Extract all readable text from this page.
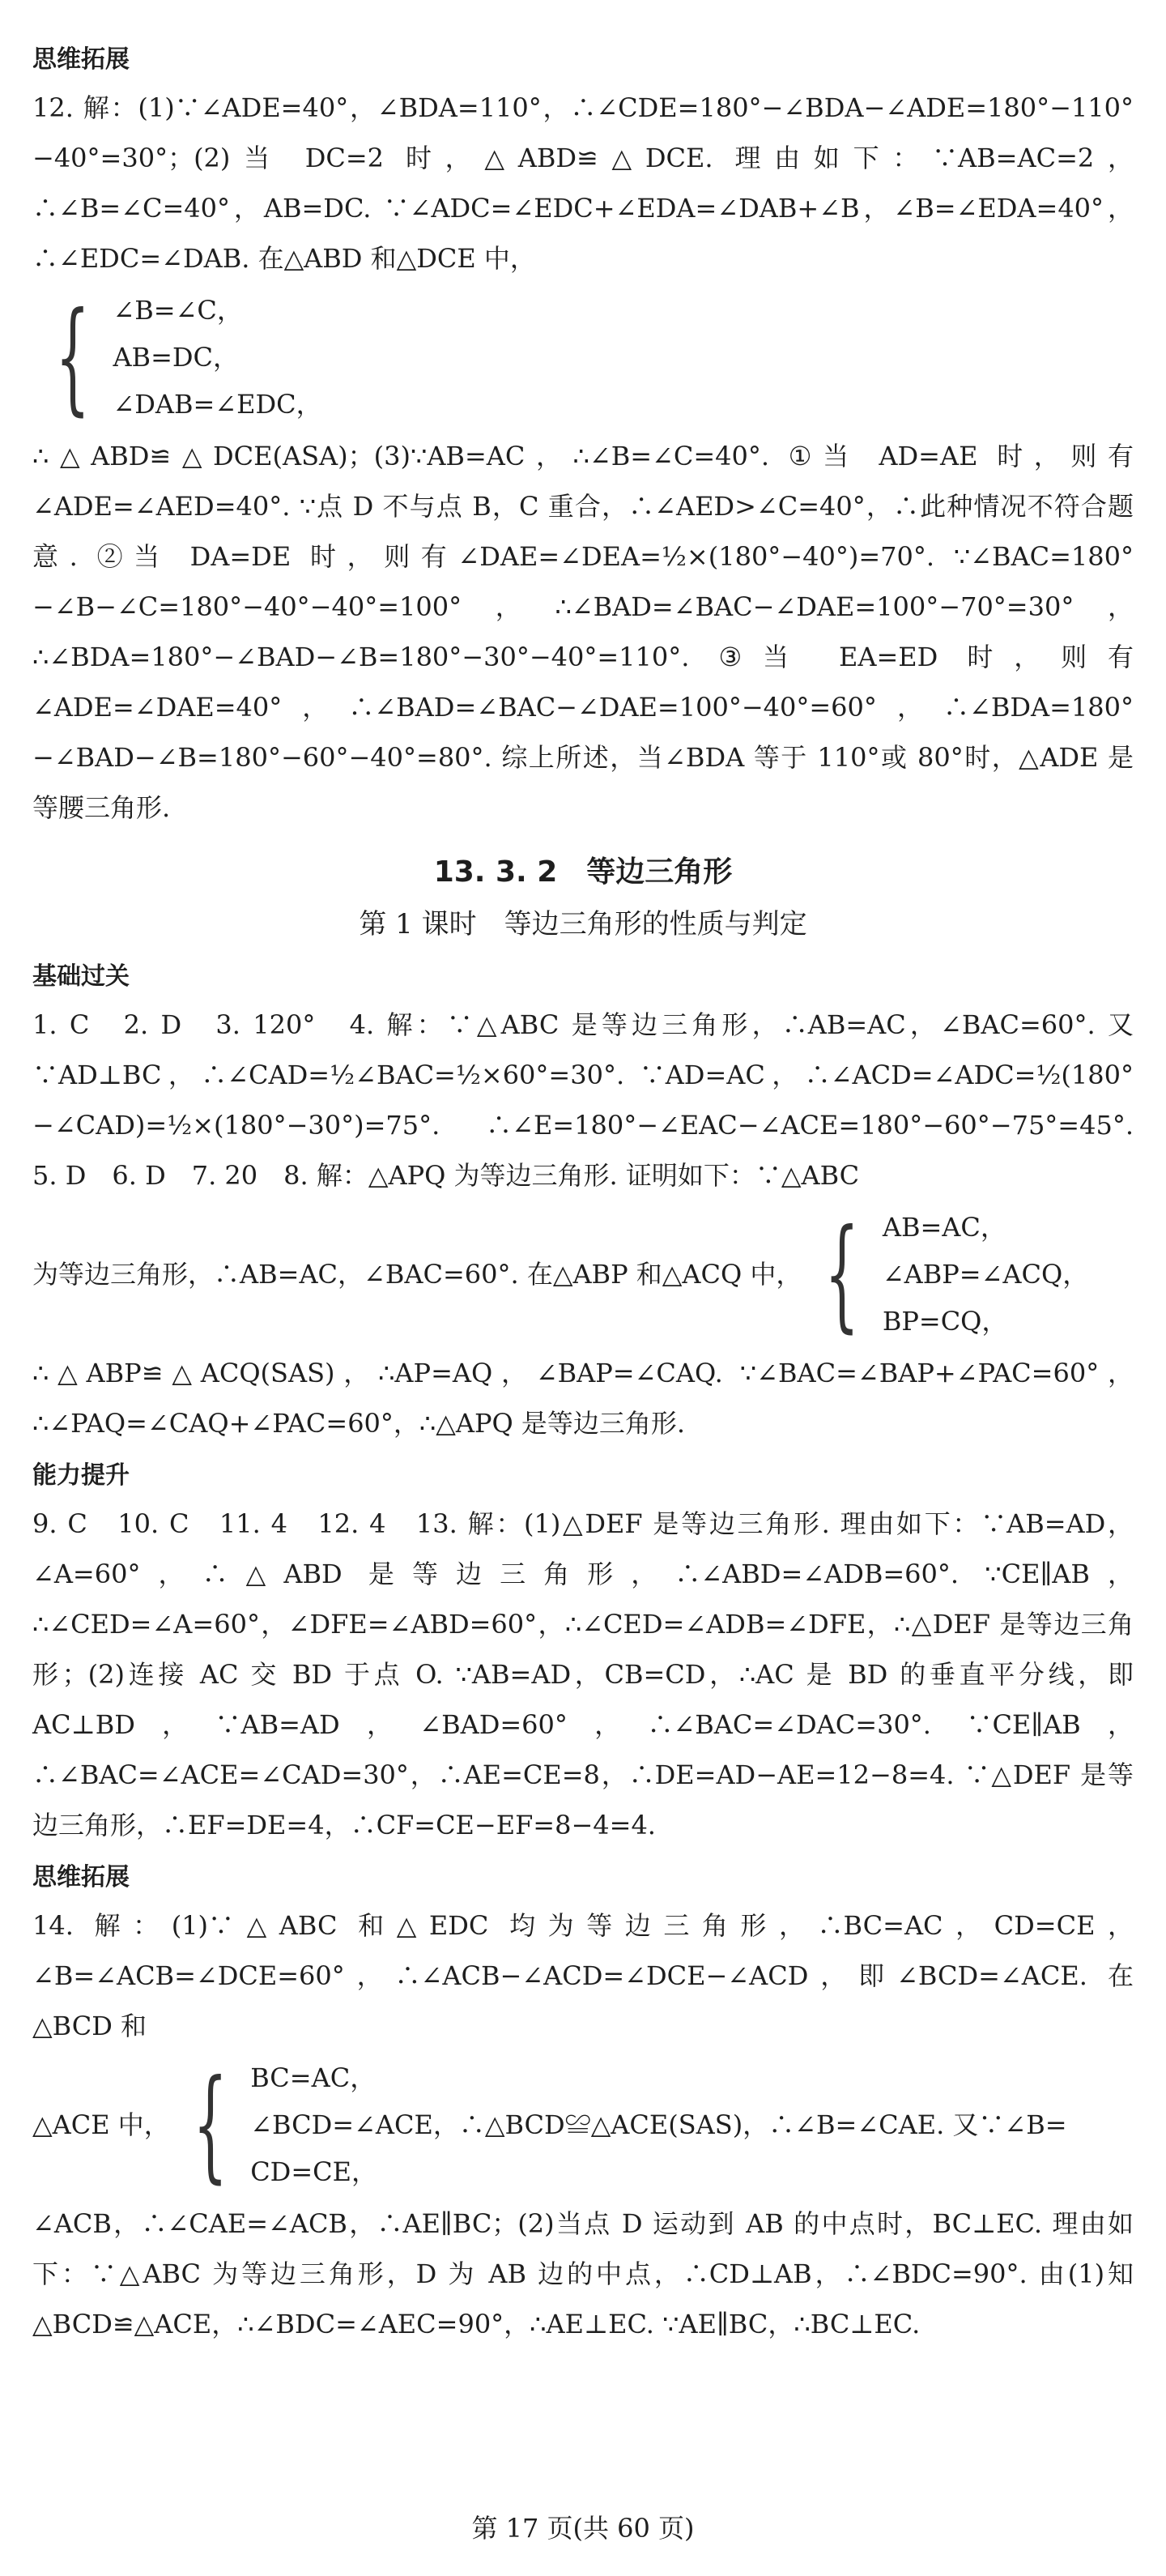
思维拓展

12. 解：(1)∵∠ADE=40°，∠BDA=110°，∴∠CDE=180°−∠BDA−∠ADE=180°−110°−40°=30°；(2)当 DC=2 时，△ABD≌△DCE. 理由如下：∵AB=AC=2，∴∠B=∠C=40°，AB=DC. ∵∠ADC=∠EDC+∠EDA=∠DAB+∠B，∠B=∠EDA=40°，∴∠EDC=∠DAB. 在△ABD 和△DCE 中，

{ ∠B=∠C，
AB=DC，
∠DAB=∠EDC，

∴△ABD≌△DCE(ASA)；(3)∵AB=AC，∴∠B=∠C=40°. ①当 AD=AE 时，则有∠ADE=∠AED=40°. ∵点 D 不与点 B，C 重合，∴∠AED>∠C=40°，∴此种情况不符合题意. ②当 DA=DE 时，则有∠DAE=∠DEA=½×(180°−40°)=70°. ∵∠BAC=180°−∠B−∠C=180°−40°−40°=100°，∴∠BAD=∠BAC−∠DAE=100°−70°=30°，∴∠BDA=180°−∠BAD−∠B=180°−30°−40°=110°. ③当 EA=ED 时，则有∠ADE=∠DAE=40°，∴∠BAD=∠BAC−∠DAE=100°−40°=60°，∴∠BDA=180°−∠BAD−∠B=180°−60°−40°=80°. 综上所述，当∠BDA 等于 110°或 80°时，△ADE 是等腰三角形.

13. 3. 2　等边三角形
第 1 课时　等边三角形的性质与判定
基础过关

1. C　2. D　3. 120°　4. 解：∵△ABC 是等边三角形，∴AB=AC，∠BAC=60°. 又∵AD⊥BC，∴∠CAD=½∠BAC=½×60°=30°. ∵AD=AC，∴∠ACD=∠ADC=½(180°−∠CAD)=½×(180°−30°)=75°. ∴∠E=180°−∠EAC−∠ACE=180°−60°−75°=45°.　5. D　6. D　7. 20　8. 解：△APQ 为等边三角形. 证明如下：∵△ABC

为等边三角形，∴AB=AC，∠BAC=60°. 在△ABP 和△ACQ 中， { AB=AC，
∠ABP=∠ACQ，
BP=CQ，

∴△ABP≌△ACQ(SAS)，∴AP=AQ，∠BAP=∠CAQ. ∵∠BAC=∠BAP+∠PAC=60°，∴∠PAQ=∠CAQ+∠PAC=60°，∴△APQ 是等边三角形.

能力提升

9. C　10. C　11. 4　12. 4　13. 解：(1)△DEF 是等边三角形. 理由如下：∵AB=AD，∠A=60°，∴△ABD 是等边三角形，∴∠ABD=∠ADB=60°. ∵CE∥AB，∴∠CED=∠A=60°，∠DFE=∠ABD=60°，∴∠CED=∠ADB=∠DFE，∴△DEF 是等边三角形；(2)连接 AC 交 BD 于点 O. ∵AB=AD，CB=CD，∴AC 是 BD 的垂直平分线，即 AC⊥BD，∵AB=AD，∠BAD=60°，∴∠BAC=∠DAC=30°. ∵CE∥AB，∴∠BAC=∠ACE=∠CAD=30°，∴AE=CE=8，∴DE=AD−AE=12−8=4. ∵△DEF 是等边三角形，∴EF=DE=4，∴CF=CE−EF=8−4=4.

思维拓展

14. 解：(1)∵△ABC 和△EDC 均为等边三角形，∴BC=AC，CD=CE，∠B=∠ACB=∠DCE=60°，∴∠ACB−∠ACD=∠DCE−∠ACD，即∠BCD=∠ACE. 在△BCD 和

△ACE 中， { BC=AC，
∠BCD=∠ACE，∴△BCD≌△ACE(SAS)，∴∠B=∠CAE. 又∵∠B=
CD=CE，

∠ACB，∴∠CAE=∠ACB，∴AE∥BC；(2)当点 D 运动到 AB 的中点时，BC⊥EC. 理由如下：∵△ABC 为等边三角形，D 为 AB 边的中点，∴CD⊥AB，∴∠BDC=90°. 由(1)知△BCD≌△ACE，∴∠BDC=∠AEC=90°，∴AE⊥EC. ∵AE∥BC，∴BC⊥EC.

第 17 页(共 60 页)
